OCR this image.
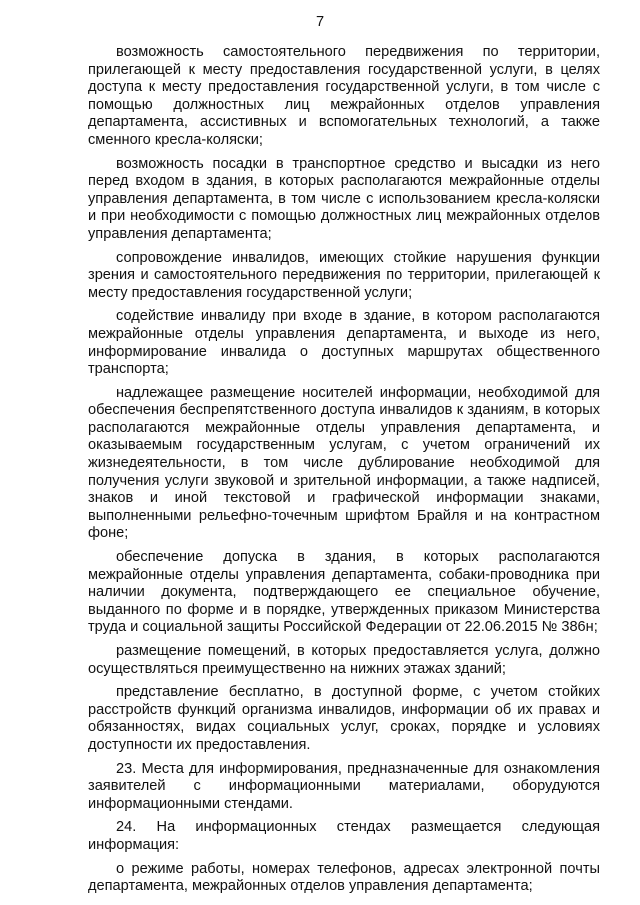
7

возможность самостоятельного передвижения по территории, прилегающей к месту предоставления государственной услуги, в целях доступа к месту предоставления государственной услуги, в том числе с помощью должностных лиц межрайонных отделов управления департамента, ассистивных и вспомогательных технологий, а также сменного кресла-коляски;

возможность посадки в транспортное средство и высадки из него перед входом в здания, в которых располагаются межрайонные отделы управления департамента, в том числе с использованием кресла-коляски и при необходимости с помощью должностных лиц межрайонных отделов управления департамента;

сопровождение инвалидов, имеющих стойкие нарушения функции зрения и самостоятельного передвижения по территории, прилегающей к месту предоставления государственной услуги;

содействие инвалиду при входе в здание, в котором располагаются межрайонные отделы управления департамента, и выходе из него, информирование инвалида о доступных маршрутах общественного транспорта;

надлежащее размещение носителей информации, необходимой для обеспечения беспрепятственного доступа инвалидов к зданиям, в которых располагаются межрайонные отделы управления департамента, и оказываемым государственным услугам, с учетом ограничений их жизнедеятельности, в том числе дублирование необходимой для получения услуги звуковой и зрительной информации, а также надписей, знаков и иной текстовой и графической информации знаками, выполненными рельефно-точечным шрифтом Брайля и на контрастном фоне;

обеспечение допуска в здания, в которых располагаются межрайонные отделы управления департамента, собаки-проводника при наличии документа, подтверждающего ее специальное обучение, выданного по форме и в порядке, утвержденных приказом Министерства труда и социальной защиты Российской Федерации от 22.06.2015 № 386н;

размещение помещений, в которых предоставляется услуга, должно осуществляться преимущественно на нижних этажах зданий;

представление бесплатно, в доступной форме, с учетом стойких расстройств функций организма инвалидов, информации об их правах и обязанностях, видах социальных услуг, сроках, порядке и условиях доступности их предоставления.

23. Места для информирования, предназначенные для ознакомления заявителей с информационными материалами, оборудуются информационными стендами.

24. На информационных стендах размещается следующая информация:

о режиме работы, номерах телефонов, адресах электронной почты департамента, межрайонных отделов управления департамента;
